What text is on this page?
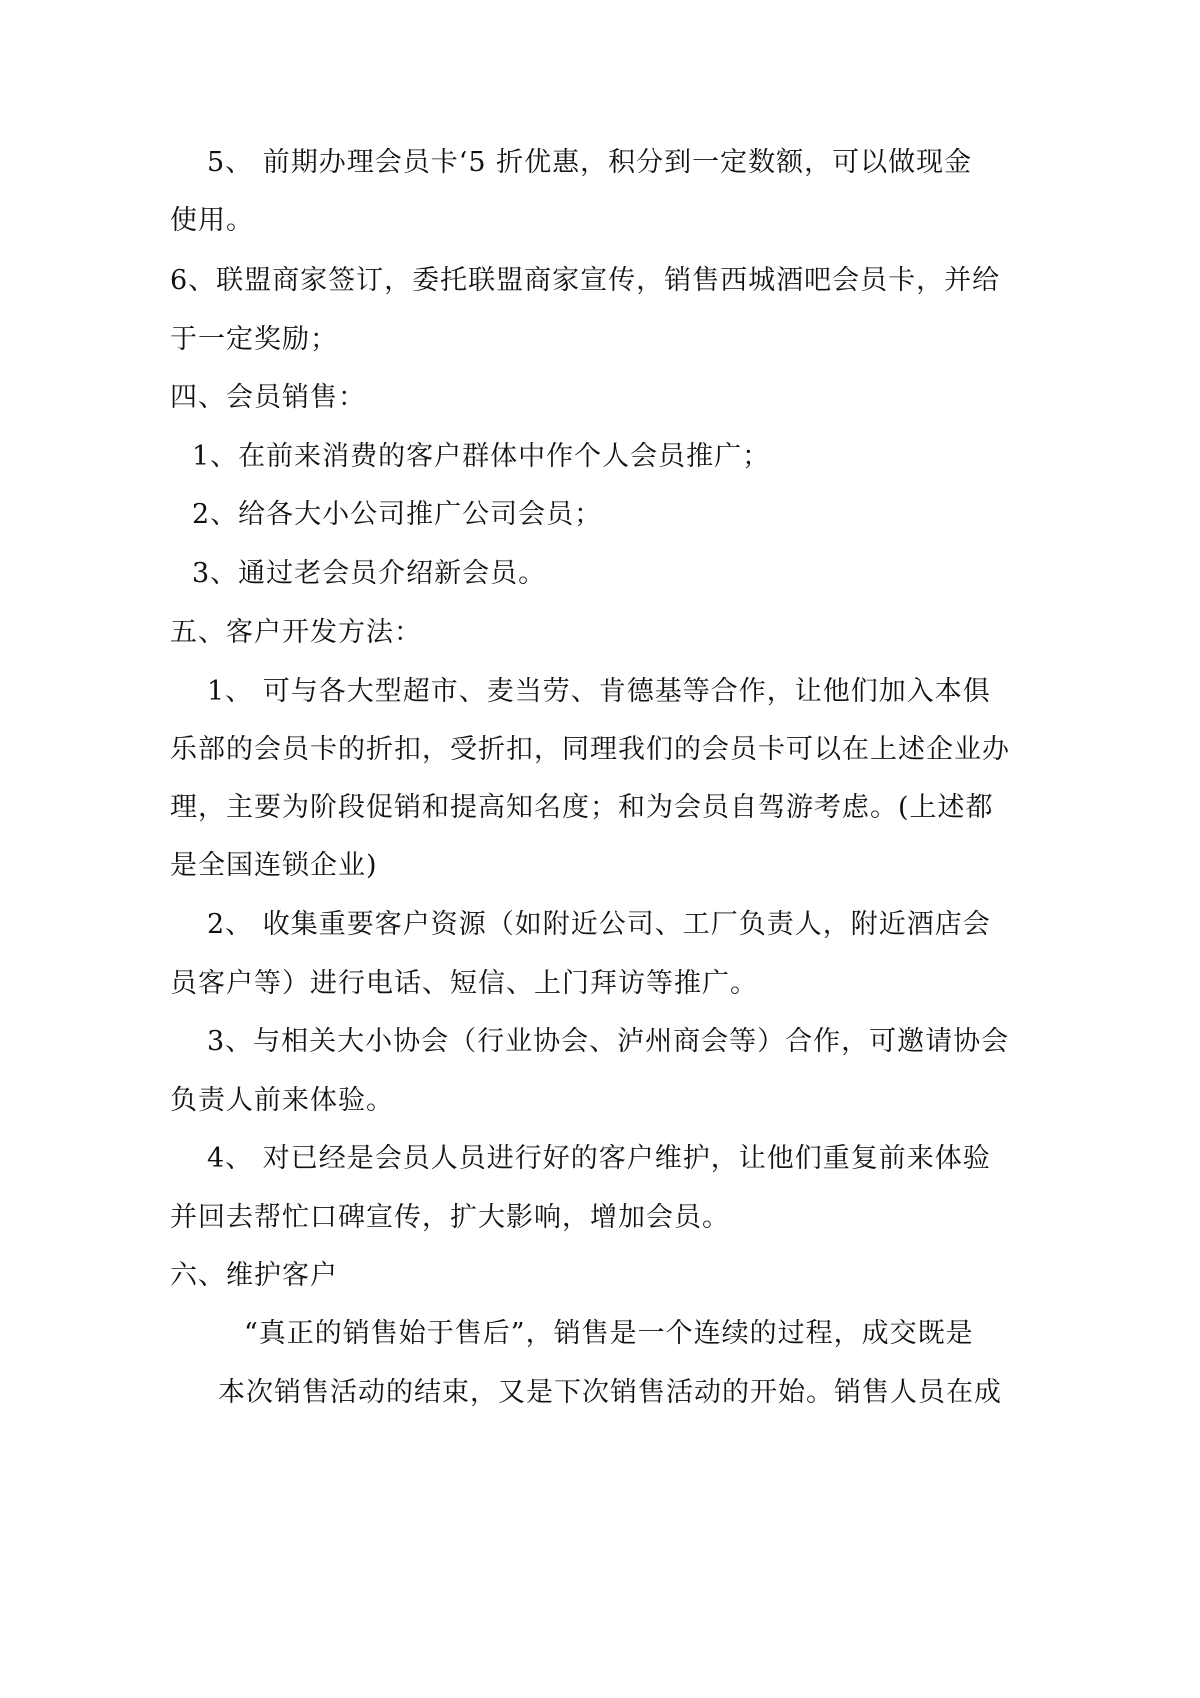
5、 前期办理会员卡‘5 折优惠，积分到一定数额，可以做现金
使用。
6、联盟商家签订，委托联盟商家宣传，销售西城酒吧会员卡，并给
于一定奖励；
四、会员销售：
1、在前来消费的客户群体中作个人会员推广；
2、给各大小公司推广公司会员；
3、通过老会员介绍新会员。
五、客户开发方法：
1、 可与各大型超市、麦当劳、肯德基等合作，让他们加入本俱
乐部的会员卡的折扣，受折扣，同理我们的会员卡可以在上述企业办
理，主要为阶段促销和提高知名度；和为会员自驾游考虑。(上述都
是全国连锁企业)
2、 收集重要客户资源（如附近公司、工厂负责人，附近酒店会
员客户等）进行电话、短信、上门拜访等推广。
3、与相关大小协会（行业协会、泸州商会等）合作，可邀请协会
负责人前来体验。
4、 对已经是会员人员进行好的客户维护，让他们重复前来体验
并回去帮忙口碑宣传，扩大影响，增加会员。
六、维护客户
“真正的销售始于售后”，销售是一个连续的过程，成交既是
本次销售活动的结束，又是下次销售活动的开始。销售人员在成
